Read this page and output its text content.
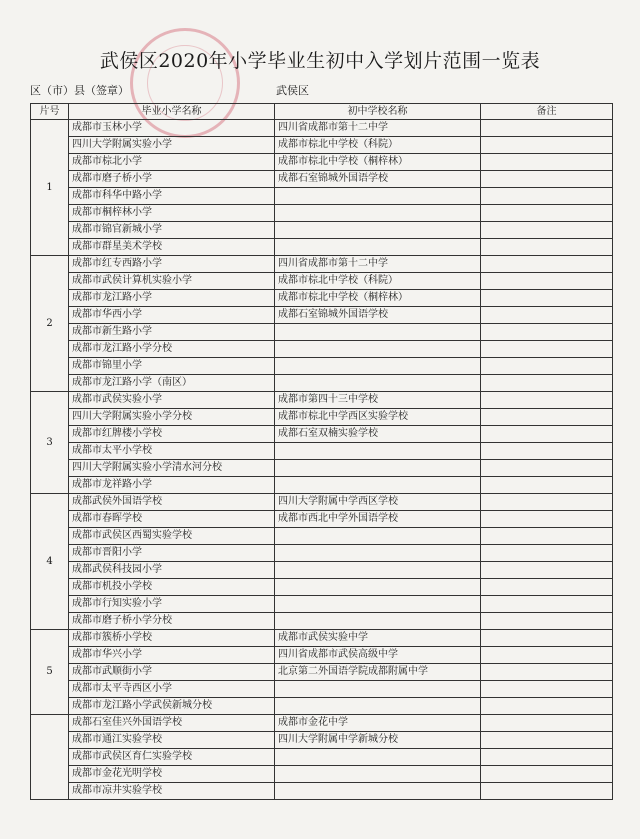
武侯区2020年小学毕业生初中入学划片范围一览表
区（市）县（签章）	武侯区
片号	毕业小学名称	初中学校名称	备注
1	成都市玉林小学	四川省成都市第十二中学	
	四川大学附属实验小学	成都市棕北中学校（科院）	
	成都市棕北小学	成都市棕北中学校（桐梓林）	
	成都市磨子桥小学	成都石室锦城外国语学校	
	成都市科华中路小学		
	成都市桐梓林小学		
	成都市锦官新城小学		
	成都市群星美术学校		
2	成都市红专西路小学	四川省成都市第十二中学	
	成都市武侯计算机实验小学	成都市棕北中学校（科院）	
	成都市龙江路小学	成都市棕北中学校（桐梓林）	
	成都市华西小学	成都石室锦城外国语学校	
	成都市新生路小学		
	成都市龙江路小学分校		
	成都市锦里小学		
	成都市龙江路小学（南区）		
3	成都市武侯实验小学	成都市第四十三中学校	
	四川大学附属实验小学分校	成都市棕北中学西区实验学校	
	成都市红牌楼小学校	成都石室双楠实验学校	
	成都市太平小学校		
	四川大学附属实验小学清水河分校		
	成都市龙祥路小学		
4	成都武侯外国语学校	四川大学附属中学西区学校	
	成都市春晖学校	成都市西北中学外国语学校	
	成都市武侯区西蜀实验学校		
	成都市晋阳小学		
	成都武侯科技园小学		
	成都市机投小学校		
	成都市行知实验小学		
	成都市磨子桥小学分校		
5	成都市簇桥小学校	成都市武侯实验中学	
	成都市华兴小学	四川省成都市武侯高级中学	
	成都市武顺街小学	北京第二外国语学院成都附属中学	
	成都市太平寺西区小学		
	成都市龙江路小学武侯新城分校		
	成都石室佳兴外国语学校	成都市金花中学	
	成都市通江实验学校	四川大学附属中学新城分校	
	成都市武侯区育仁实验学校		
	成都市金花光明学校		
	成都市凉井实验学校		
